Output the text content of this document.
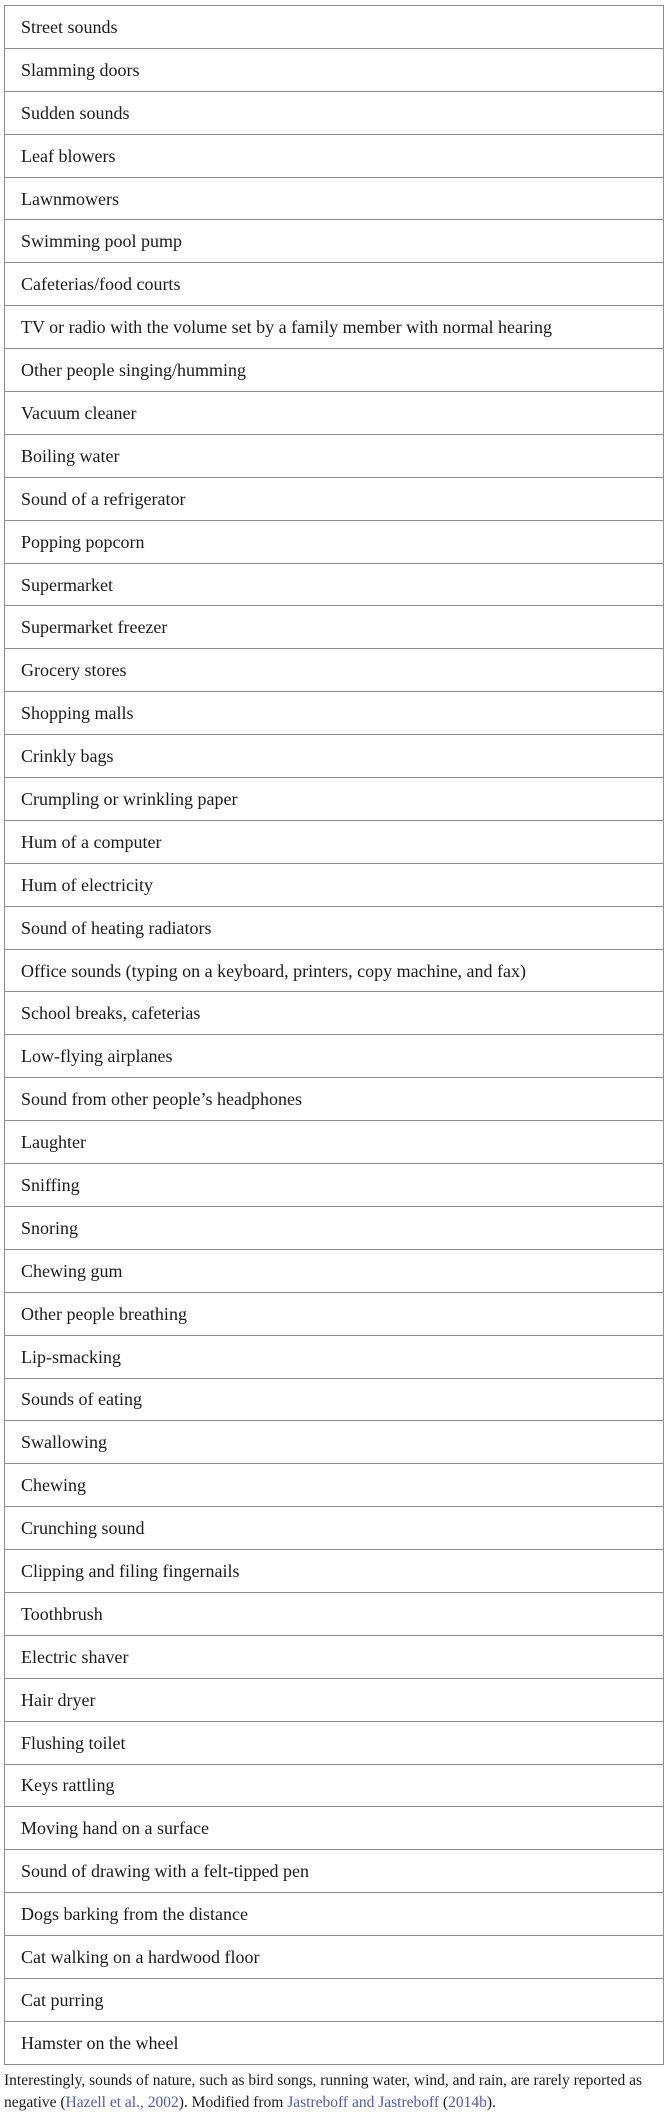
Street sounds
Slamming doors
Sudden sounds
Leaf blowers
Lawnmowers
Swimming pool pump
Cafeterias/food courts
TV or radio with the volume set by a family member with normal hearing
Other people singing/humming
Vacuum cleaner
Boiling water
Sound of a refrigerator
Popping popcorn
Supermarket
Supermarket freezer
Grocery stores
Shopping malls
Crinkly bags
Crumpling or wrinkling paper
Hum of a computer
Hum of electricity
Sound of heating radiators
Office sounds (typing on a keyboard, printers, copy machine, and fax)
School breaks, cafeterias
Low-flying airplanes
Sound from other people’s headphones
Laughter
Sniffing
Snoring
Chewing gum
Other people breathing
Lip-smacking
Sounds of eating
Swallowing
Chewing
Crunching sound
Clipping and filing fingernails
Toothbrush
Electric shaver
Hair dryer
Flushing toilet
Keys rattling
Moving hand on a surface
Sound of drawing with a felt-tipped pen
Dogs barking from the distance
Cat walking on a hardwood floor
Cat purring
Hamster on the wheel
Interestingly, sounds of nature, such as bird songs, running water, wind, and rain, are rarely reported as negative (Hazell et al., 2002). Modified from Jastreboff and Jastreboff (2014b).
